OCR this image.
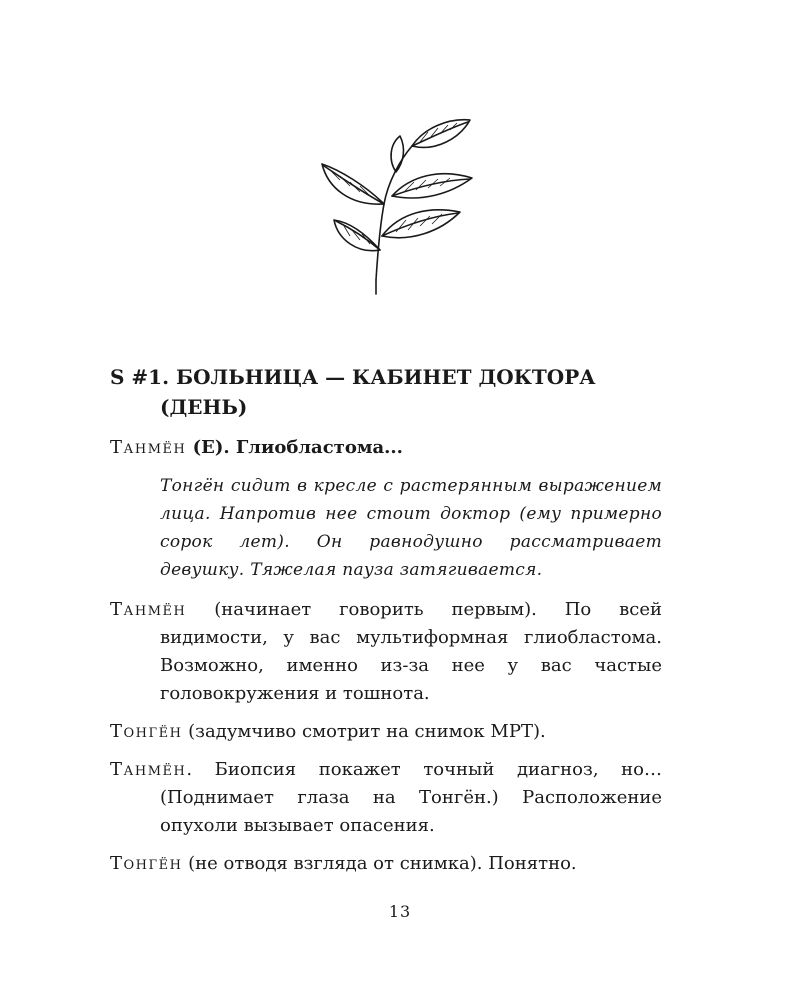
S #1. БОЛЬНИЦА — КАБИНЕТ ДОКТОРА (ДЕНЬ)

Танмён (Е). Глиобластома...

Тонгён сидит в кресле с растерянным выражением лица. Напротив нее стоит доктор (ему примерно сорок лет). Он равнодушно рассматривает девушку. Тяжелая пауза затягивается.

Танмён (начинает говорить первым). По всей видимости, у вас мультиформная глиобластома. Возможно, именно из-за нее у вас частые головокружения и тошнота.

Тонгён (задумчиво смотрит на снимок МРТ).

Танмён. Биопсия покажет точный диагноз, но… (Поднимает глаза на Тонгён.) Расположение опухоли вызывает опасения.

Тонгён (не отводя взгляда от снимка). Понятно.

13
